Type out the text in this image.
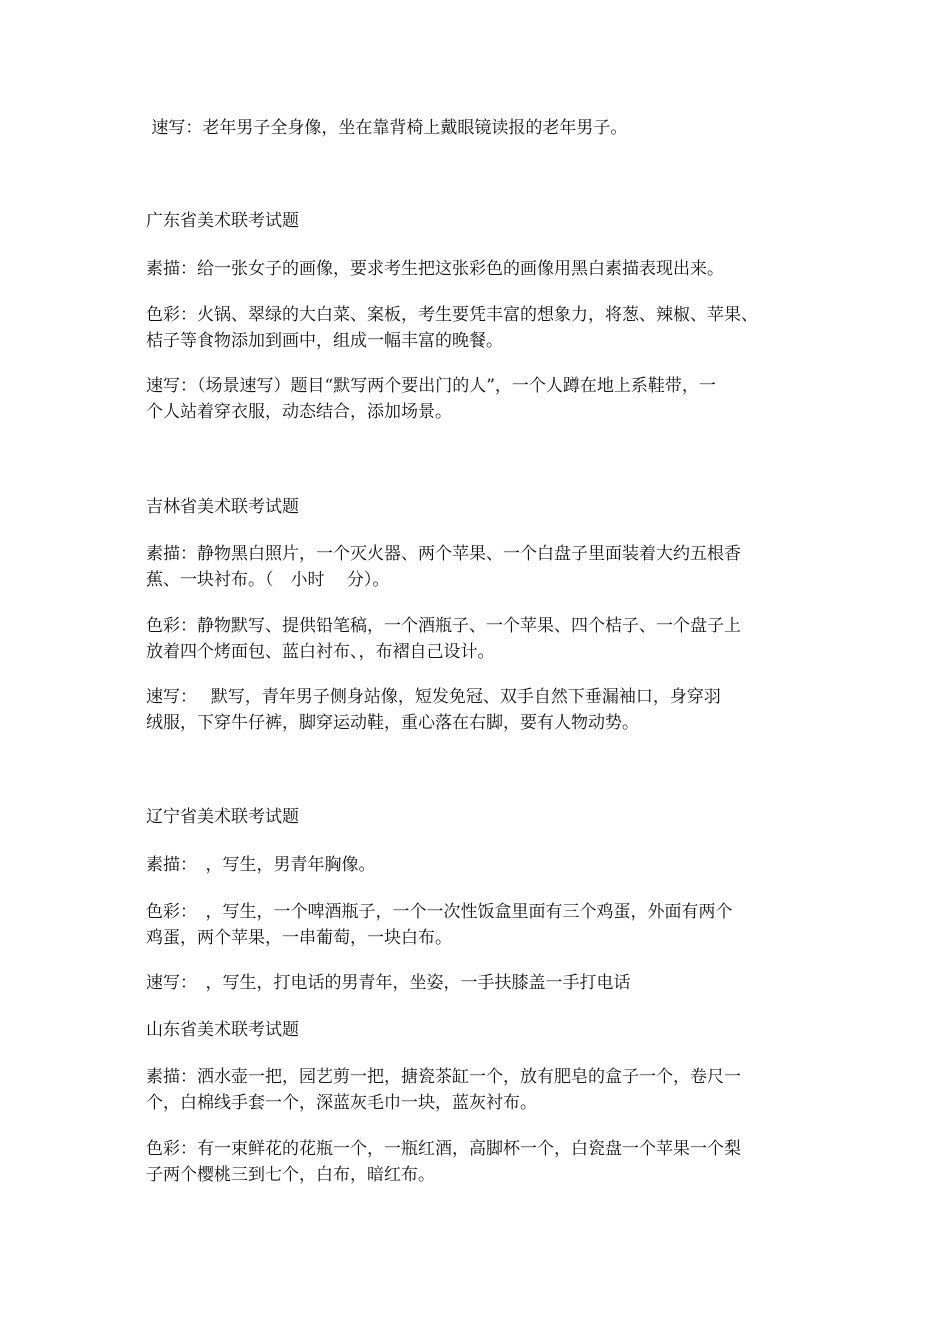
速写：老年男子全身像，坐在靠背椅上戴眼镜读报的老年男子。

广东省美术联考试题

素描：给一张女子的画像，要求考生把这张彩色的画像用黑白素描表现出来。

色彩：火锅、翠绿的大白菜、案板，考生要凭丰富的想象力，将葱、辣椒、苹果、

桔子等食物添加到画中，组成一幅丰富的晚餐。

速写：（场景速写）题目“默写两个要出门的人”，一个人蹲在地上系鞋带，一

个人站着穿衣服，动态结合，添加场景。

吉林省美术联考试题

素描：静物黑白照片，一个灭火器、两个苹果、一个白盘子里面装着大约五根香

蕉、一块衬布。（　小时　 分）。

色彩：静物默写、提供铅笔稿，一个酒瓶子、一个苹果、四个桔子、一个盘子上

放着四个烤面包、蓝白衬布、，布褶自己设计。

速写：　 默写，青年男子侧身站像，短发免冠、双手自然下垂漏袖口，身穿羽

绒服，下穿牛仔裤，脚穿运动鞋，重心落在右脚，要有人物动势。

辽宁省美术联考试题

素描：　，写生，男青年胸像。

色彩：　，写生，一个啤酒瓶子，一个一次性饭盒里面有三个鸡蛋，外面有两个

鸡蛋，两个苹果，一串葡萄，一块白布。

速写：　，写生，打电话的男青年，坐姿，一手扶膝盖一手打电话

山东省美术联考试题

素描：洒水壶一把，园艺剪一把，搪瓷茶缸一个，放有肥皂的盒子一个，卷尺一

个，白棉线手套一个，深蓝灰毛巾一块，蓝灰衬布。

色彩：有一束鲜花的花瓶一个，一瓶红酒，高脚杯一个，白瓷盘一个苹果一个梨

子两个樱桃三到七个，白布，暗红布。
